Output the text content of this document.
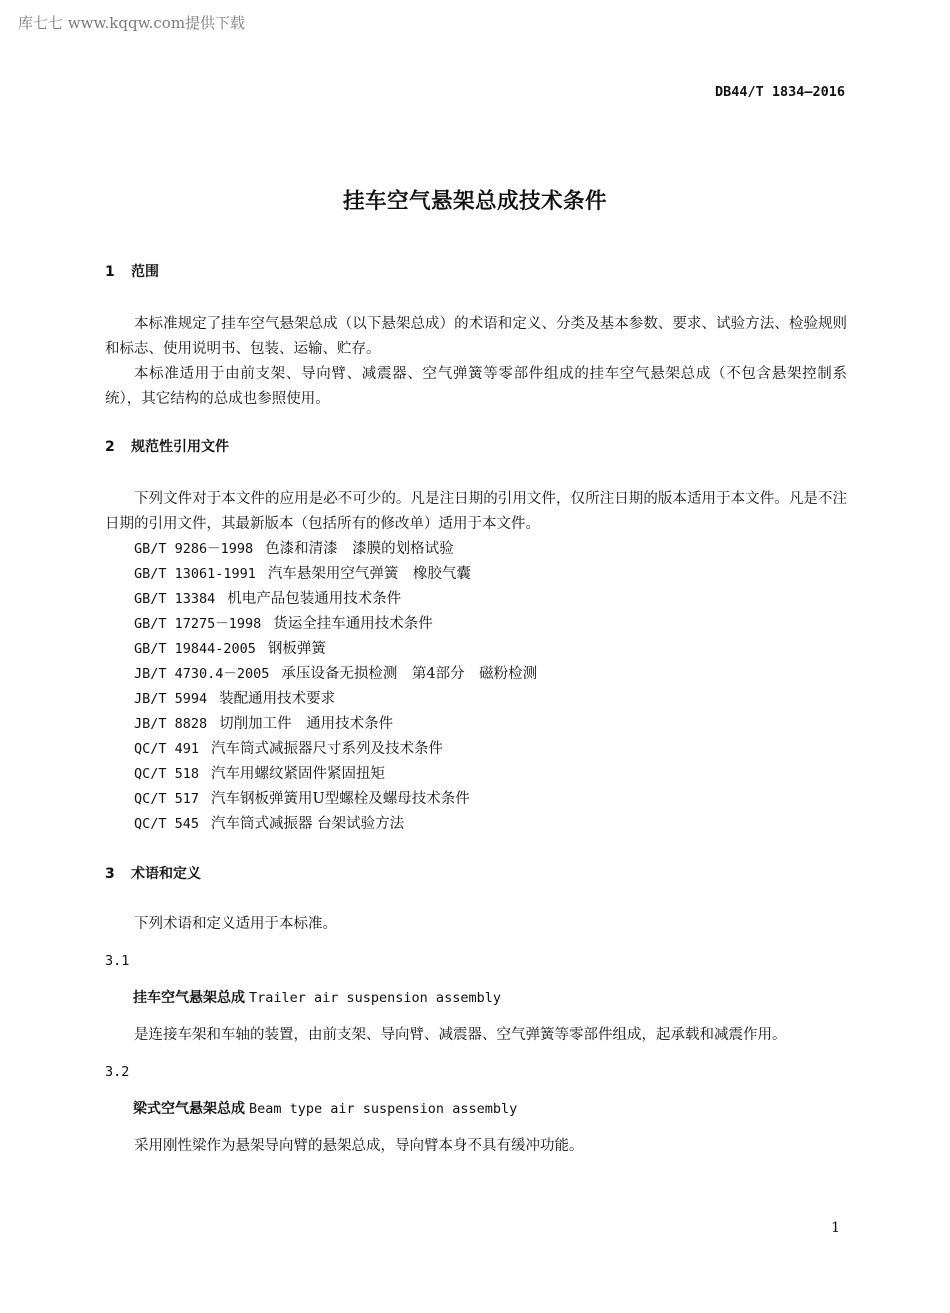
库七七 www.kqqw.com提供下载
DB44/T 1834—2016
挂车空气悬架总成技术条件
1 范围

本标准规定了挂车空气悬架总成（以下悬架总成）的术语和定义、分类及基本参数、要求、试验方法、检验规则和标志、使用说明书、包装、运输、贮存。

本标准适用于由前支架、导向臂、减震器、空气弹簧等零部件组成的挂车空气悬架总成（不包含悬架控制系统），其它结构的总成也参照使用。

2 规范性引用文件

下列文件对于本文件的应用是必不可少的。凡是注日期的引用文件，仅所注日期的版本适用于本文件。凡是不注日期的引用文件，其最新版本（包括所有的修改单）适用于本文件。

GB/T 9286－1998 色漆和清漆　漆膜的划格试验
GB/T 13061-1991 汽车悬架用空气弹簧　橡胶气囊
GB/T 13384 机电产品包装通用技术条件
GB/T 17275－1998 货运全挂车通用技术条件
GB/T 19844-2005 钢板弹簧
JB/T 4730.4－2005 承压设备无损检测　第4部分　磁粉检测
JB/T 5994 装配通用技术要求
JB/T 8828 切削加工件　通用技术条件
QC/T 491 汽车筒式减振器尺寸系列及技术条件
QC/T 518 汽车用螺纹紧固件紧固扭矩
QC/T 517 汽车钢板弹簧用U型螺栓及螺母技术条件
QC/T 545 汽车筒式减振器 台架试验方法
3 术语和定义

下列术语和定义适用于本标准。

3.1

挂车空气悬架总成 Trailer air suspension assembly

是连接车架和车轴的装置，由前支架、导向臂、减震器、空气弹簧等零部件组成，起承载和减震作用。

3.2

梁式空气悬架总成 Beam type air suspension assembly

采用刚性梁作为悬架导向臂的悬架总成，导向臂本身不具有缓冲功能。

1
